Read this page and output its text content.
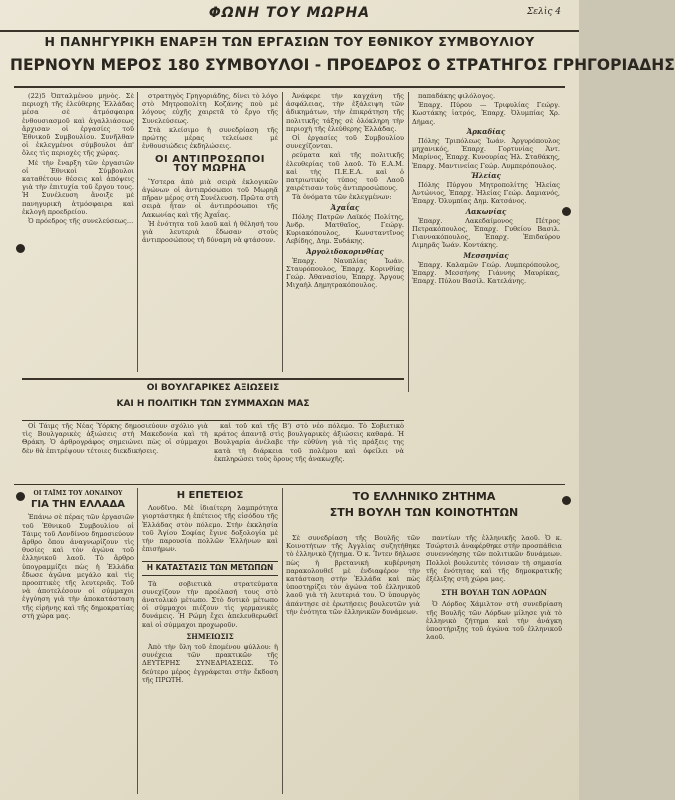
ΦΩΝΗ ΤΟΥ ΜΩΡΗΑ	Σελὶς 4
Η ΠΑΝΗΓΥΡΙΚΗ ΕΝΑΡΞΗ ΤΩΝ ΕΡΓΑΣΙΩΝ ΤΟΥ ΕΘΝΙΚΟΥ ΣΥΜΒΟΥΛΙΟΥ
ΠΕΡΝΟΥΝ ΜΕΡΟΣ 180 ΣΥΜΒΟΥΛΟΙ - ΠΡΟΕΔΡΟΣ Ο ΣΤΡΑΤΗΓΟΣ ΓΡΗΓΟΡΙΑΔΗΣ

(22)5 Ὀπταλμένου μηνὸς. Σὲ περιοχὴ τῆς ἐλεύθερης Ἑλλάδας μέσα σὲ ἀτμόσφαιρα ἐνθουσιασμοῦ καὶ ἀγαλλιάσεως ἄρχισαν οἱ ἐργασίες τοῦ Ἐθνικοῦ Συμβουλίου. Συνῆλθαν οἱ ἐκλεγμένοι σύμβουλοι ἀπ' ὅλες τὶς περιοχὲς τῆς χώρας.

Μὲ τὴν ἔναρξη τῶν ἐργασιῶν οἱ Ἐθνικοὶ Σύμβουλοι καταθέτουν θέσεις καὶ ἀπόψεις γιὰ τὴν ἐπιτυχία τοῦ ἔργου τους. Ἡ Συνέλευση ἄνοιξε μὲ πανηγυρικὴ ἀτμόσφαιρα καὶ ἐκλογὴ προεδρείου.

Ὁ πρόεδρος τῆς συνελεύσεως...

στρατηγὸς Γρηγοριάδης, δίνει τὸ λόγο στὸ Μητροπολίτη Κοζάνης ποὺ μὲ λόγους εὐχῆς χαιρετᾶ τὸ ἔργο τῆς Συνελεύσεως.

Στὰ κλείσιμο ἡ συνεδρίαση τῆς πρώτης μέρας τελείωσε μὲ ἐνθουσιώδεις ἐκδηλώσεις.

ΟΙ ΑΝΤΙΠΡΟΣΩΠΟΙ ΤΟΥ ΜΩΡΗΑ

Ὕστερα ἀπὸ μιὰ σειρὰ ἐκλογικῶν ἀγώνων οἱ ἀντιπρόσωποι τοῦ Μωρηᾶ πῆραν μέρος στὴ Συνέλευση. Πρῶτα στὴ σειρὰ ἦταν οἱ ἀντιπρόσωποι τῆς Λακωνίας καὶ τῆς Ἀχαΐας.

Ἡ ἐνότητα τοῦ λαοῦ καὶ ἡ θέλησή του γιὰ λευτεριὰ ἔδωσαν στοὺς ἀντιπροσώπους τὴ δύναμη νὰ φτάσουν.

Ἀνάφερε τὴν καγχάνη τῆς ἀσφάλειας, τὴν ἐξάλειψη τῶν ἀδικημάτων, τὴν ἐπικράτηση τῆς πολιτικῆς τάξης σὲ ὁλόκληρη τὴν περιοχὴ τῆς ἐλεύθερης Ἑλλάδας.

Οἱ ἐργασίες τοῦ Συμβουλίου συνεχίζονται.

ρεύματα καὶ τῆς πολιτικῆς ἐλευθερίας τοῦ λαοῦ. Τὸ Ε.Α.Μ. καὶ τὴς Π.Ε.Ε.Α. καὶ ὁ πατριωτικὸς τύπος τοῦ Λαοῦ χαιρέτισαν τοὺς ἀντιπροσώπους.

Τὰ ὀνόματα τῶν ἐκλεγμένων:

Ἀχαΐας

Πόλης Πατρῶν Λαϊκός Πολίτης, Ἀνδρ. Ματθαῖος, Γεώργ. Κυριακόπουλος, Κωνσταντῖνος Λεβίδης, Δημ. Ξυδάκης.

Ἀργολιδοκορινθίας

Ἐπαρχ. Ναυπλίας Ἰωάν. Σταυρόπουλος, Ἐπαρχ. Κορινθίας Γεώρ. Ἀθανασίου, Ἐπαρχ. Ἄργους Μιχαὴλ Δημητρακόπουλος.

παπαδάκης φιλόλογος.

Ἐπαρχ. Πύρου — Τριφυλίας Γεώργ. Κωστάκης ἰατρός, Ἐπαρχ. Ὀλυμπίας Χρ. Δήμας.

Ἀρκαδίας

Πόλης Τριπόλεως Ἰωάν. Ἀργυρόπουλος μηχανικός, Ἐπαρχ. Γορτυνίας Ἀντ. Μαρίνος, Ἐπαρχ. Κυνουρίας Ἠλ. Σταθάκης, Ἐπαρχ. Μαντινείας Γεώρ. Λυμπερόπουλος.

Ἠλείας

Πόλης Πύργου Μητροπολίτης Ἠλείας Ἀντώνιος, Ἐπαρχ. Ἠλείας Γεώρ. Δαμιανός, Ἐπαρχ. Ὀλυμπίας Δημ. Κατσάνος.

Λακωνίας

Ἐπαρχ. Λακεδαίμονος Πέτρος Πετρακόπουλος, Ἐπαρχ. Γυθείου Βασιλ. Γιαννακόπουλος, Ἐπαρχ. Ἐπιδαύρου Λιμηρᾶς Ἰωάν. Κοντάκης.

Μεσσηνίας

Ἐπαρχ. Καλαμῶν Γεώρ. Λυμπερόπουλος, Ἐπαρχ. Μεσσήνης Γιάννης Μαυρίκας, Ἐπαρχ. Πύλου Βασίλ. Κατελάνης.

ΟΙ ΒΟΥΛΓΑΡΙΚΕΣ ΑΞΙΩΣΕΙΣ
ΚΑΙ Η ΠΟΛΙΤΙΚΗ ΤΩΝ ΣΥΜΜΑΧΩΝ ΜΑΣ

Οἱ Τάιμς τῆς Νέας Ὑόρκης δημοσιεύουν σχόλιο γιὰ τὶς Βουλγαρικὲς ἀξιώσεις στὴ Μακεδονία καὶ τὴ Θράκη. Ὁ ἀρθρογράφος σημειώνει πὼς οἱ σύμμαχοι δὲν θὰ ἐπιτρέψουν τέτοιες διεκδικήσεις.

καὶ τοῦ καὶ τῆς Β') στὸ νέο πόλεμο. Τὸ Σοβιετικὸ κράτος ἀπαντᾷ στὶς βουλγαρικὲς ἀξιώσεις καθαρά. Ἡ Βουλγαρία ἀνέλαβε τὴν εὐθύνη γιὰ τὶς πράξεις της κατὰ τὴ διάρκεια τοῦ πολέμου καὶ ὀφείλει νὰ ἐκπληρώσει τοὺς ὅρους τῆς ἀνακωχῆς.

ΟΙ ΤΑΪΜΣ ΤΟΥ ΛΟΝΔΙΝΟΥ
ΓΙΑ ΤΗΝ ΕΛΛΑΔΑ

Ἐπάνω σὲ πέρας τῶν ἐργασιῶν τοῦ Ἐθνικοῦ Συμβουλίου οἱ Τάιμς τοῦ Λονδίνου δημοσιεύουν ἄρθρο ὅπου ἀναγνωρίζουν τὶς θυσίες καὶ τὸν ἀγώνα τοῦ ἑλληνικοῦ λαοῦ. Τὸ ἄρθρο ὑπογραμμίζει πὼς ἡ Ἑλλάδα ἔδωσε ἀγῶνα μεγάλο καὶ τὶς προοπτικὲς τῆς λευτεριᾶς. Τοῦ νὰ ἀποτελέσουν οἱ σύμμαχοι ἐγγύηση γιὰ τὴν ἀποκατάσταση τῆς εἰρήνης καὶ τῆς δημοκρατίας στὴ χώρα μας.

Η ΕΠΕΤΕΙΟΣ

Λονδῖνο. Μὲ ἰδιαίτερη λαμπρότητα γιορτάστηκε ἡ ἐπέτειος τῆς εἰσόδου τῆς Ἑλλάδας στὸν πόλεμο. Στὴν ἐκκλησία τοῦ Ἁγίου Σοφίας ἔγινε δοξολογία μὲ τὴν παρουσία πολλῶν Ἑλλήνων καὶ ἐπισήμων.

Η ΚΑΤΑΣΤΑΣΙΣ ΤΩΝ ΜΕΤΩΠΩΝ

Τὰ σοβιετικὰ στρατεύματα συνεχίζουν τὴν προέλασή τους στὸ ἀνατολικὸ μέτωπο. Στὸ δυτικὸ μέτωπο οἱ σύμμαχοι πιέζουν τὶς γερμανικὲς δυνάμεις. Ἡ Ρώμη ἔχει ἀπελευθερωθεῖ καὶ οἱ σύμμαχοι προχωροῦν.

ΣΗΜΕΙΩΣΙΣ

Ἀπὸ τὴν ὕλη τοῦ ἐπομένου φύλλου: ἡ συνέχεια τῶν πρακτικῶν τῆς ΔΕΥΤΕΡΗΣ ΣΥΝΕΔΡΙΑΣΕΩΣ. Τὸ δεύτερο μέρος ἐγγράφεται στὴν ἔκδοση τῆς ΠΡΩΤΗ.

ΤΟ ΕΛΛΗΝΙΚΟ ΖΗΤΗΜΑ
ΣΤΗ ΒΟΥΛΗ ΤΩΝ ΚΟΙΝΟΤΗΤΩΝ

Σὲ συνεδρίαση τῆς Βουλῆς τῶν Κοινοτήτων τῆς Ἀγγλίας συζητήθηκε τὸ ἑλληνικὸ ζήτημα. Ὁ κ. Ἴντεν δήλωσε πὼς ἡ βρετανικὴ κυβέρνηση παρακολουθεῖ μὲ ἐνδιαφέρον τὴν κατάσταση στὴν Ἑλλάδα καὶ πὼς ὑποστηρίζει τὸν ἀγώνα τοῦ ἑλληνικοῦ λαοῦ γιὰ τὴ λευτεριά του. Ὁ ὑπουργὸς ἀπάντησε σὲ ἐρωτήσεις βουλευτῶν γιὰ τὴν ἐνότητα τῶν ἑλληνικῶν δυνάμεων.

παντίων τῆς ἑλληνικῆς λαοῦ. Ὁ κ. Τσώρτσιλ ἀναφέρθηκε στὴν προσπάθεια συνεννόησης τῶν πολιτικῶν δυνάμεων. Πολλοὶ βουλευτὲς τόνισαν τὴ σημασία τῆς ἐνότητας καὶ τῆς δημοκρατικῆς ἐξέλιξης στὴ χώρα μας.

ΣΤΗ ΒΟΥΛΗ ΤΩΝ ΛΟΡΔΩΝ

Ὁ Λόρδος Χάμιλτον στὴ συνεδρίαση τῆς Βουλῆς τῶν Λόρδων μίλησε γιὰ τὸ ἑλληνικὸ ζήτημα καὶ τὴν ἀνάγκη ὑποστήριξης τοῦ ἀγώνα τοῦ ἑλληνικοῦ λαοῦ.
